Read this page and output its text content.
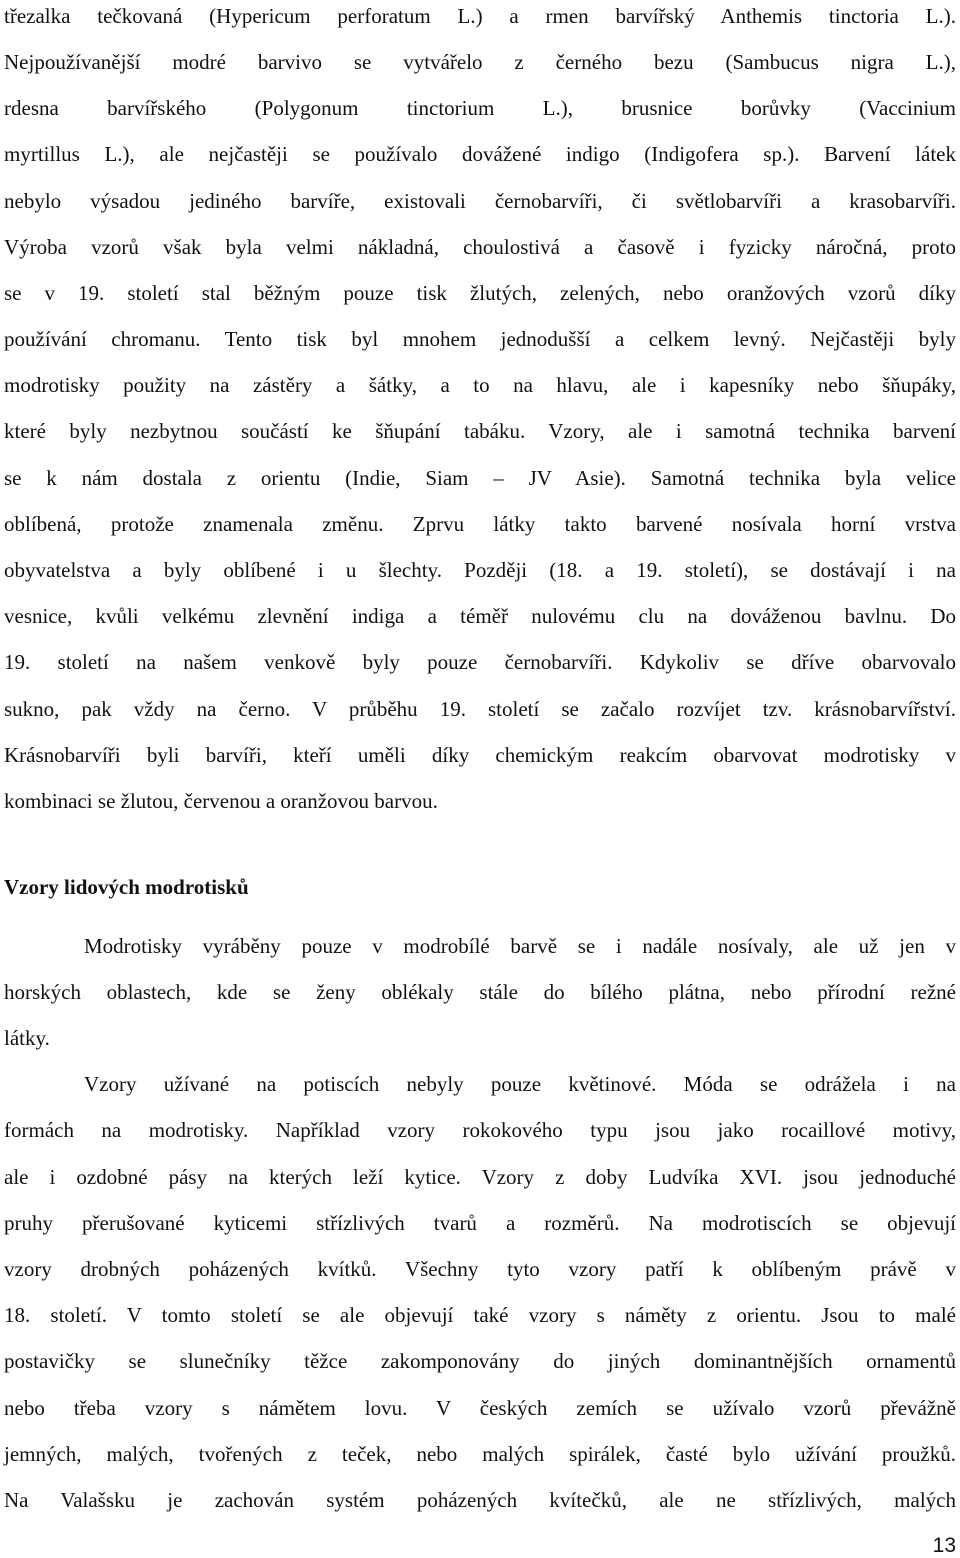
třezalka tečkovaná (Hypericum perforatum L.) a rmen barvířský Anthemis tinctoria L.).
Nejpoužívanější modré barvivo se vytvářelo z černého bezu (Sambucus nigra L.),
rdesna barvířského (Polygonum tinctorium L.), brusnice borůvky (Vaccinium
myrtillus L.), ale nejčastěji se používalo dovážené indigo (Indigofera sp.). Barvení látek
nebylo výsadou jediného barvíře, existovali černobarvíři, či světlobarvíři a krasobarvíři.
Výroba vzorů však byla velmi nákladná, choulostivá a časově i fyzicky náročná, proto
se v 19. století stal běžným pouze tisk žlutých, zelených, nebo oranžových vzorů díky
používání chromanu. Tento tisk byl mnohem jednodušší a celkem levný. Nejčastěji byly
modrotisky použity na zástěry a šátky, a to na hlavu, ale i kapesníky nebo šňupáky,
které byly nezbytnou součástí ke šňupání tabáku. Vzory, ale i samotná technika barvení
se k nám dostala z orientu (Indie, Siam – JV Asie). Samotná technika byla velice
oblíbená, protože znamenala změnu. Zprvu látky takto barvené nosívala horní vrstva
obyvatelstva a byly oblíbené i u šlechty. Později (18. a 19. století), se dostávají i na
vesnice, kvůli velkému zlevnění indiga a téměř nulovému clu na dováženou bavlnu. Do
19. století na našem venkově byly pouze černobarvíři. Kdykoliv se dříve obarvovalo
sukno, pak vždy na černo. V průběhu 19. století se začalo rozvíjet tzv. krásnobarvířství.
Krásnobarvíři byli barvíři, kteří uměli díky chemickým reakcím obarvovat modrotisky v
kombinaci se žlutou, červenou a oranžovou barvou.
Vzory lidových modrotisků
Modrotisky vyráběny pouze v modrobílé barvě se i nadále nosívaly, ale už jen v
horských oblastech, kde se ženy oblékaly stále do bílého plátna, nebo přírodní režné
látky.
Vzory užívané na potiscích nebyly pouze květinové. Móda se odrážela i na
formách na modrotisky. Například vzory rokokového typu jsou jako rocaillové motivy,
ale i ozdobné pásy na kterých leží kytice. Vzory z doby Ludvíka XVI. jsou jednoduché
pruhy přerušované kyticemi střízlivých tvarů a rozměrů. Na modrotiscích se objevují
vzory drobných poházených kvítků. Všechny tyto vzory patří k oblíbeným právě v
18. století. V tomto století se ale objevují také vzory s náměty z orientu. Jsou to malé
postavičky se slunečníky těžce zakomponovány do jiných dominantnějších ornamentů
nebo třeba vzory s námětem lovu. V českých zemích se užívalo vzorů převážně
jemných, malých, tvořených z teček, nebo malých spirálek, časté bylo užívání proužků.
Na Valašsku je zachován systém poházených kvítečků, ale ne střízlivých, malých
13
